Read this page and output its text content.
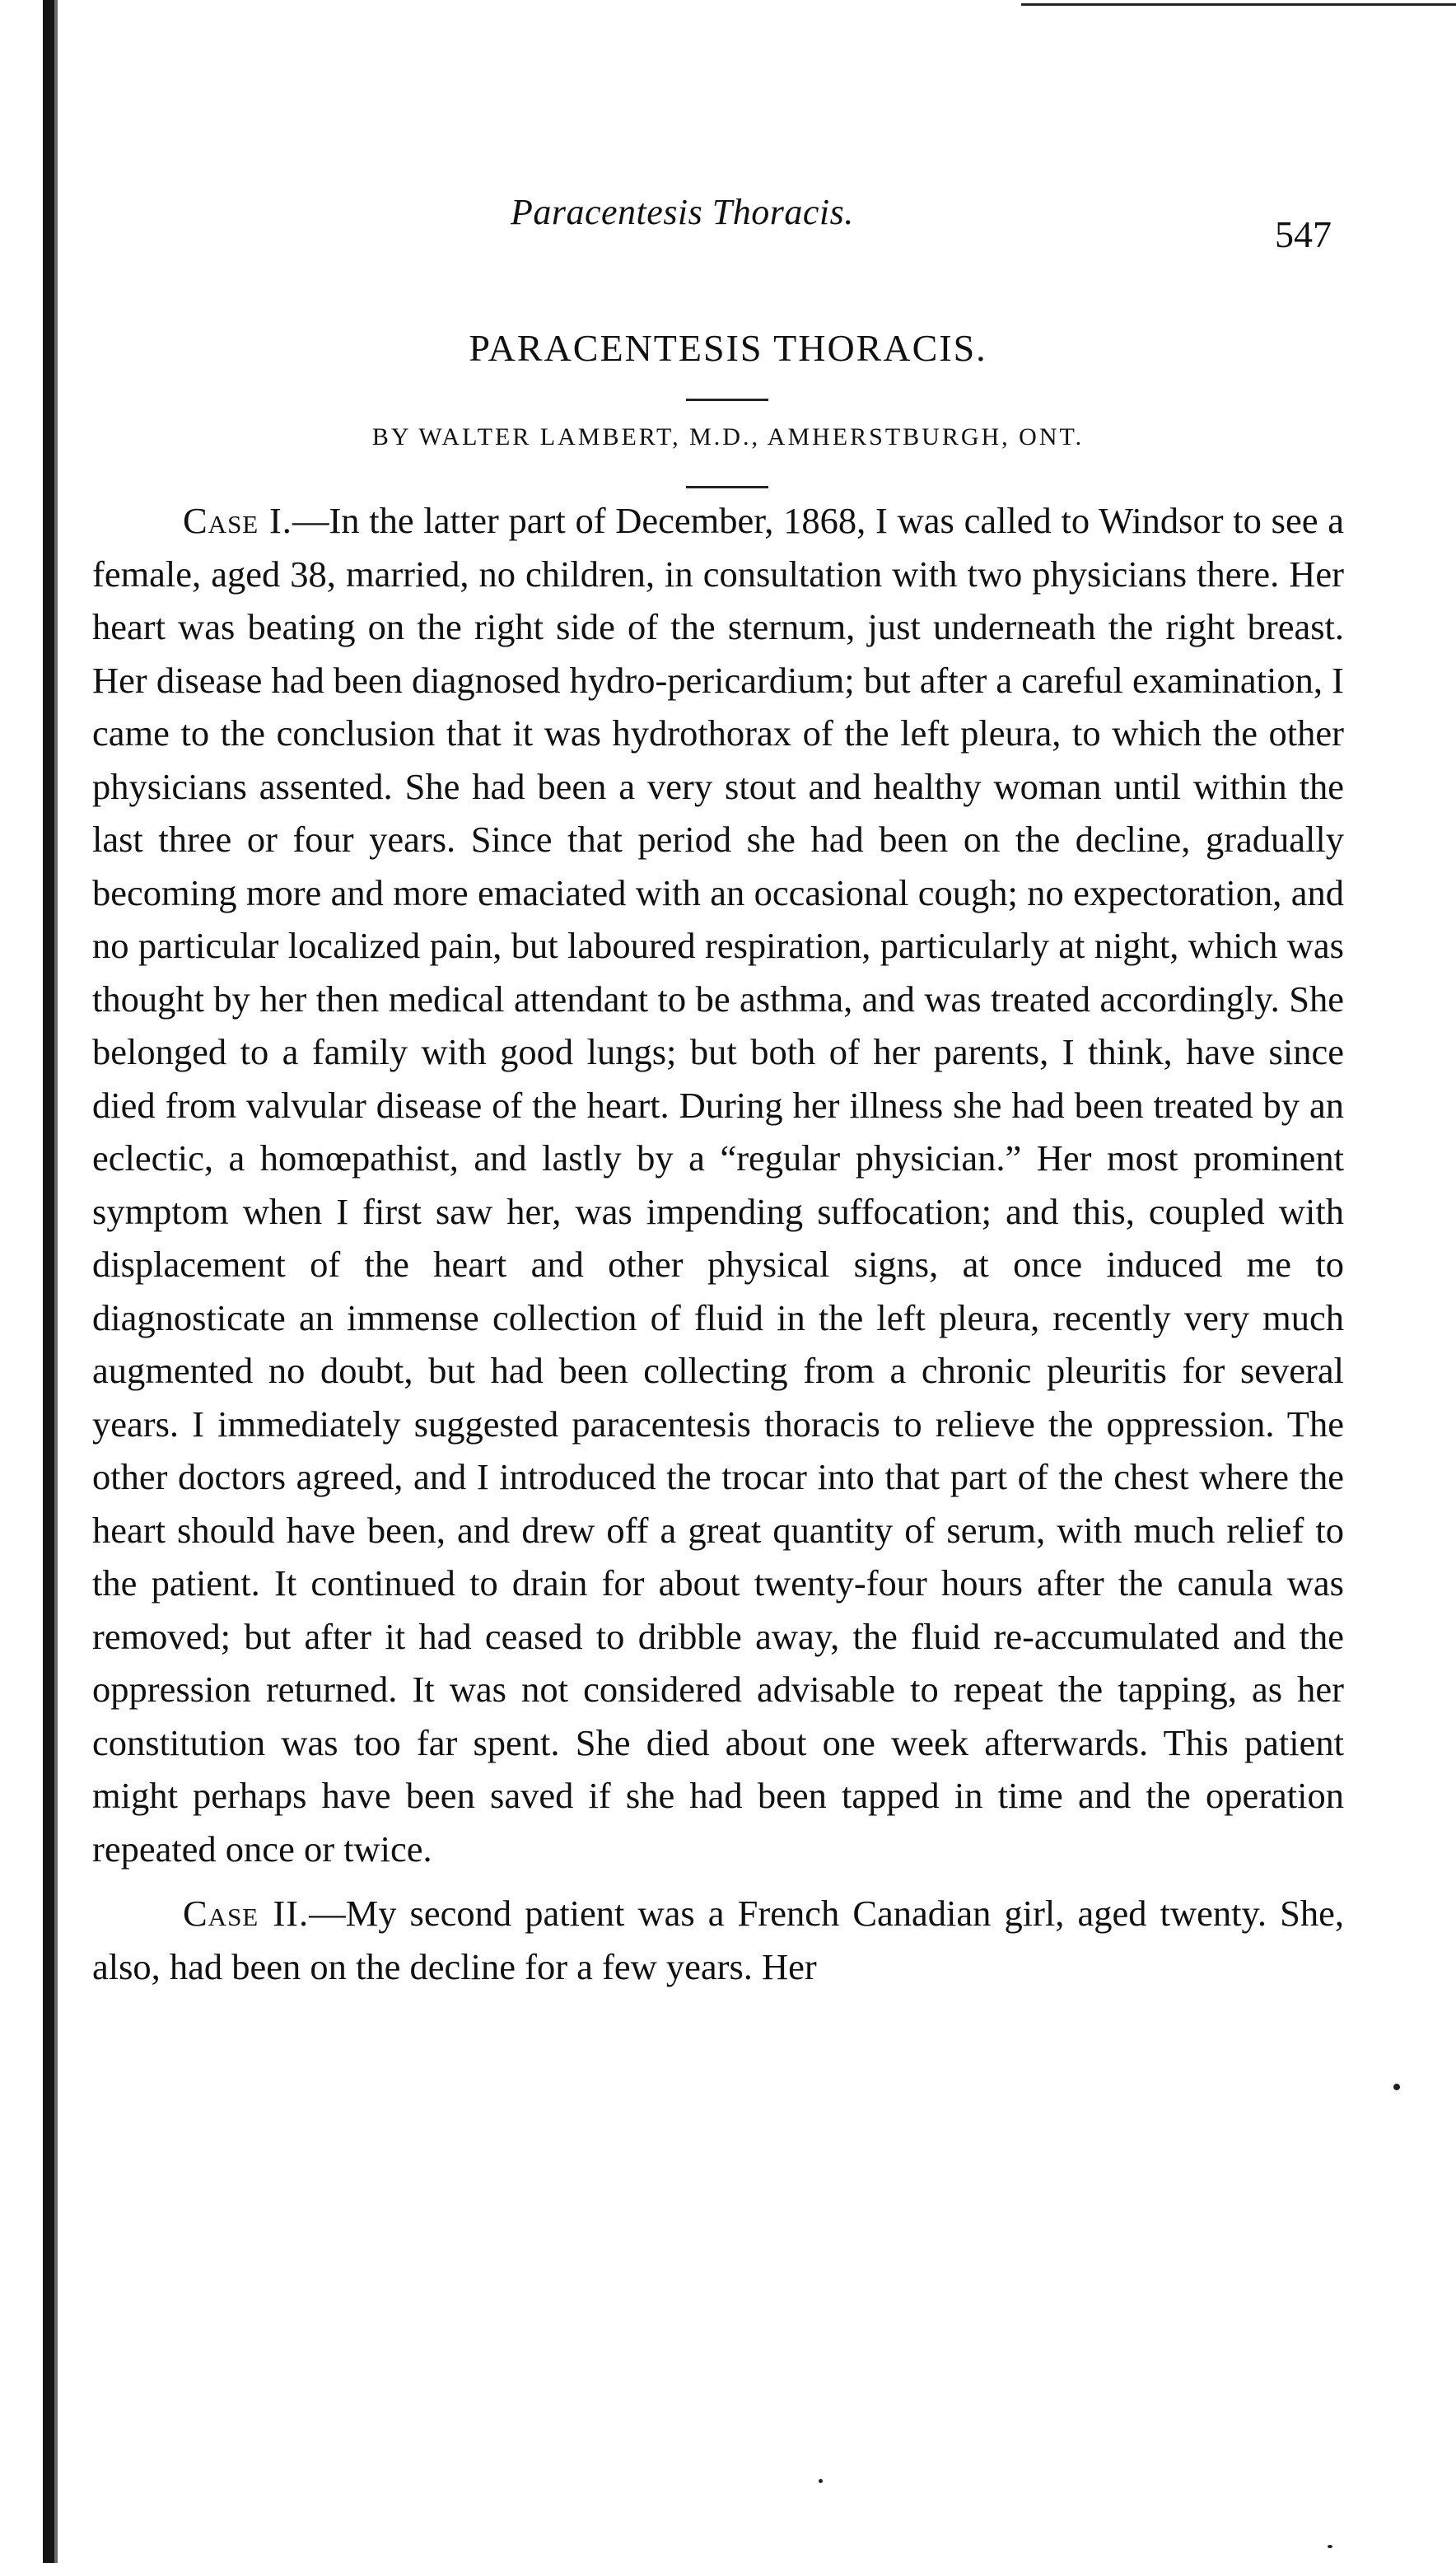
Paracentesis Thoracis.
547
PARACENTESIS THORACIS.
BY WALTER LAMBERT, M.D., AMHERSTBURGH, ONT.

Case I.—In the latter part of December, 1868, I was called to Windsor to see a female, aged 38, married, no children, in consultation with two physicians there. Her heart was beating on the right side of the sternum, just underneath the right breast. Her disease had been diagnosed hydro-pericardium; but after a careful examination, I came to the conclusion that it was hydrothorax of the left pleura, to which the other physicians assented. She had been a very stout and healthy woman until within the last three or four years. Since that period she had been on the decline, gradually becoming more and more emaciated with an occasional cough; no expectoration, and no particular localized pain, but laboured respiration, particularly at night, which was thought by her then medical attendant to be asthma, and was treated accordingly. She belonged to a family with good lungs; but both of her parents, I think, have since died from valvular disease of the heart. During her illness she had been treated by an eclectic, a homœpathist, and lastly by a “regular physician.” Her most prominent symptom when I first saw her, was impending suffocation; and this, coupled with displacement of the heart and other physical signs, at once induced me to diagnosticate an immense collection of fluid in the left pleura, recently very much augmented no doubt, but had been collecting from a chronic pleuritis for several years. I immediately suggested paracentesis thoracis to relieve the oppression. The other doctors agreed, and I introduced the trocar into that part of the chest where the heart should have been, and drew off a great quantity of serum, with much relief to the patient. It continued to drain for about twenty-four hours after the canula was removed; but after it had ceased to dribble away, the fluid re-accumulated and the oppression returned. It was not considered advisable to repeat the tapping, as her constitution was too far spent. She died about one week afterwards. This patient might perhaps have been saved if she had been tapped in time and the operation repeated once or twice.

Case II.—My second patient was a French Canadian girl, aged twenty. She, also, had been on the decline for a few years. Her
